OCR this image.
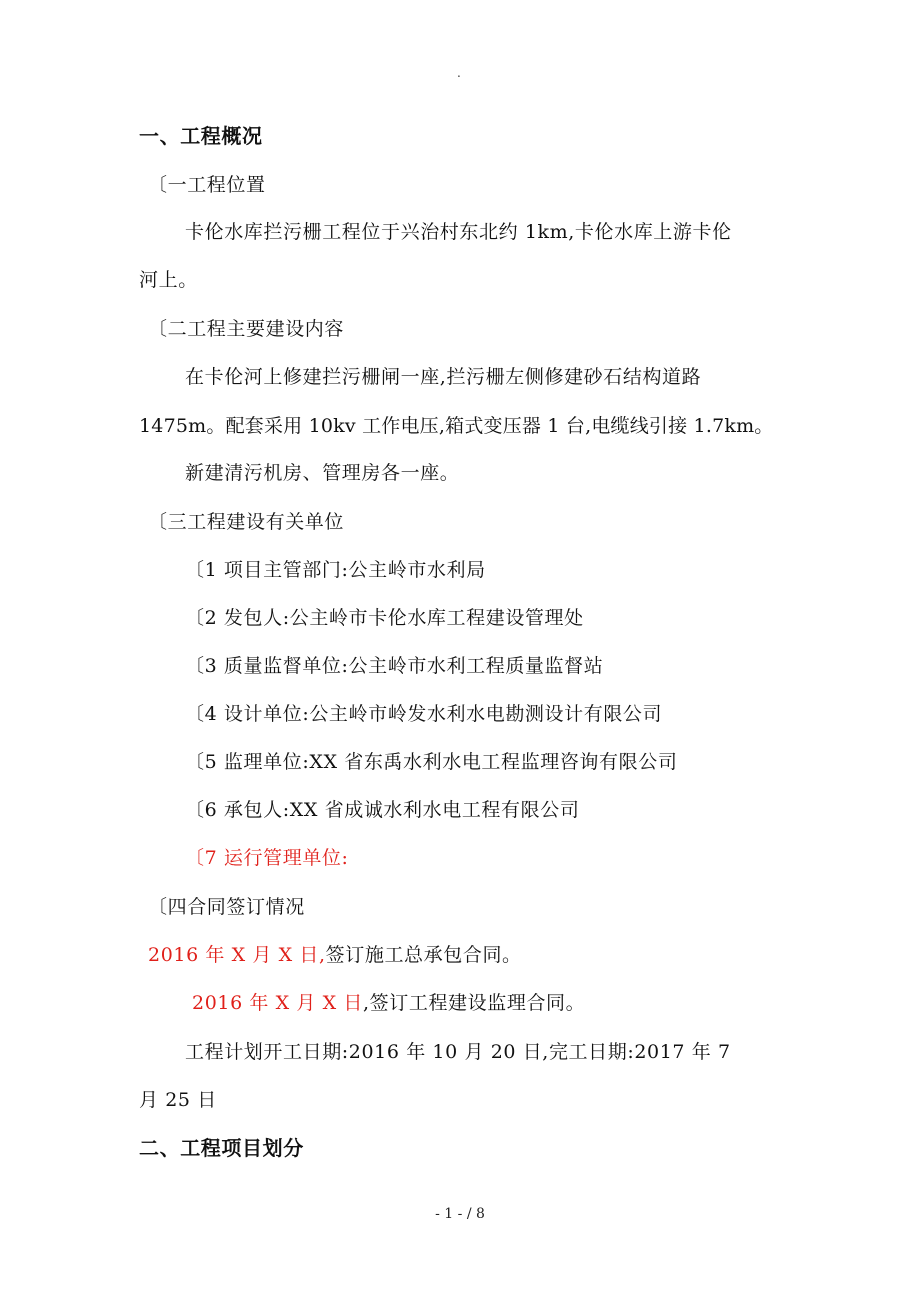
.
一、工程概况
〔一工程位置
卡伦水库拦污栅工程位于兴治村东北约 1km,卡伦水库上游卡伦
河上。
〔二工程主要建设内容
在卡伦河上修建拦污栅闸一座,拦污栅左侧修建砂石结构道路
1475m。配套采用 10kv 工作电压,箱式变压器 1 台,电缆线引接 1.7km。
新建清污机房、管理房各一座。
〔三工程建设有关单位
〔1 项目主管部门:公主岭市水利局
〔2 发包人:公主岭市卡伦水库工程建设管理处
〔3 质量监督单位:公主岭市水利工程质量监督站
〔4 设计单位:公主岭市岭发水利水电勘测设计有限公司
〔5 监理单位:XX 省东禹水利水电工程监理咨询有限公司
〔6 承包人:XX 省成诚水利水电工程有限公司
〔7 运行管理单位:
〔四合同签订情况
2016 年 X 月 X 日,签订施工总承包合同。
2016 年 X 月 X 日,签订工程建设监理合同。
工程计划开工日期:2016 年 10 月 20 日,完工日期:2017 年 7
月 25 日
二、工程项目划分
- 1 - / 8
